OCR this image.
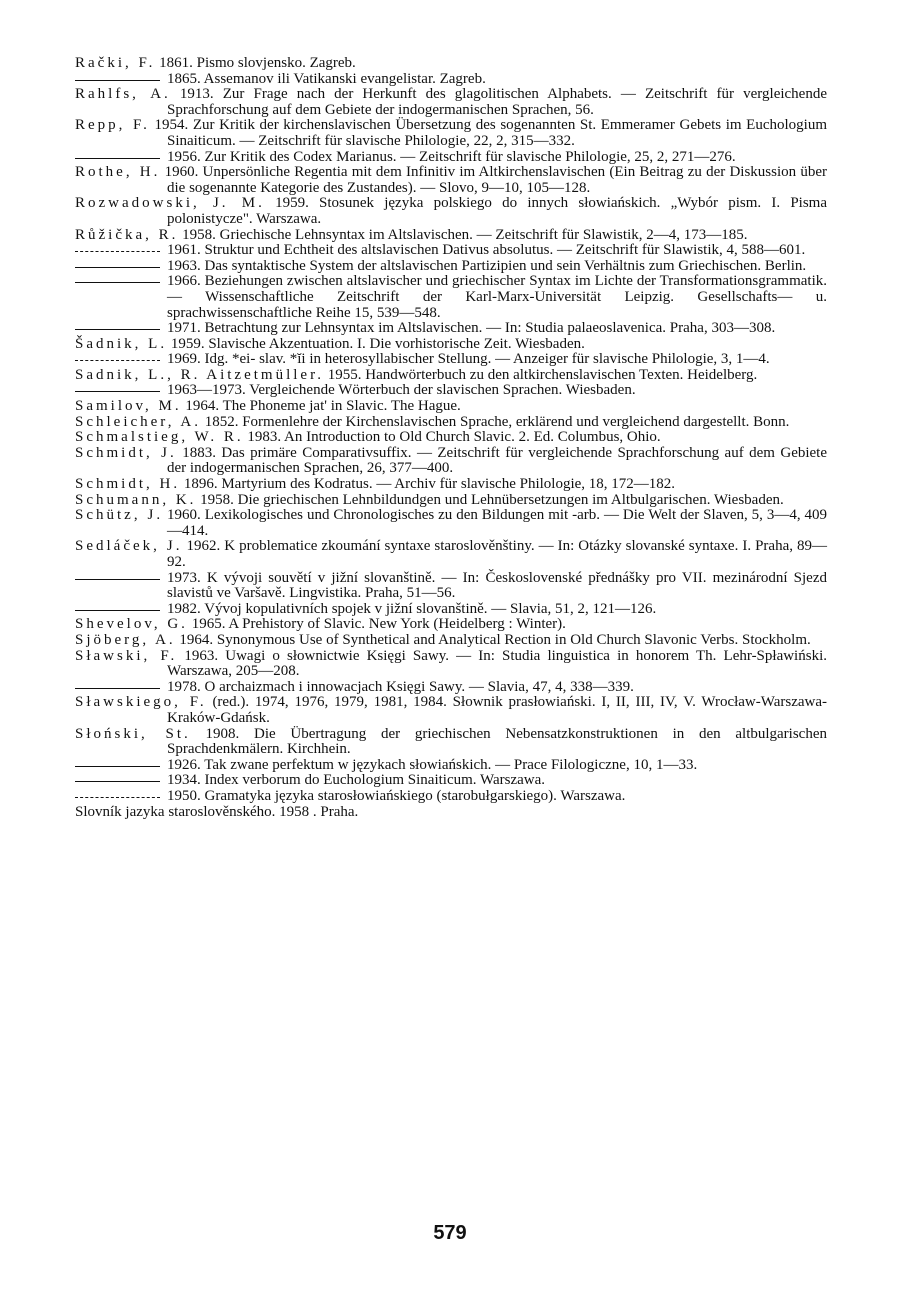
Rački, F. 1861. Pismo slovjensko. Zagreb.
1865. Assemanov ili Vatikanski evangelistar. Zagreb.
Rahlfs, A. 1913. Zur Frage nach der Herkunft des glagolitischen Alphabets. — Zeitschrift für vergleichende Sprachforschung auf dem Gebiete der indogermanischen Sprachen, 56.
Repp, F. 1954. Zur Kritik der kirchenslavischen Übersetzung des sogenannten St. Emmeramer Gebets im Euchologium Sinaiticum. — Zeitschrift für slavische Philologie, 22, 2, 315—332.
1956. Zur Kritik des Codex Marianus. — Zeitschrift für slavische Philologie, 25, 2, 271—276.
Rothe, H. 1960. Unpersönliche Regentia mit dem Infinitiv im Altkirchenslavischen (Ein Beitrag zu der Diskussion über die sogenannte Kategorie des Zustandes). — Slovo, 9—10, 105—128.
Rozwadowski, J. M. 1959. Stosunek języka polskiego do innych słowiańskich. „Wybór pism. I. Pisma polonistycze". Warszawa.
Růžička, R. 1958. Griechische Lehnsyntax im Altslavischen. — Zeitschrift für Slawistik, 2—4, 173—185.
1961. Struktur und Echtheit des altslavischen Dativus absolutus. — Zeitschrift für Slawistik, 4, 588—601.
1963. Das syntaktische System der altslavischen Partizipien und sein Verhältnis zum Griechischen. Berlin.
1966. Beziehungen zwischen altslavischer und griechischer Syntax im Lichte der Transformationsgrammatik. — Wissenschaftliche Zeitschrift der Karl-Marx-Universität Leipzig. Gesellschafts— u. sprachwissenschaftliche Reihe 15, 539—548.
1971. Betrachtung zur Lehnsyntax im Altslavischen. — In: Studia palaeoslavenica. Praha, 303—308.
Šadnik, L. 1959. Slavische Akzentuation. I. Die vorhistorische Zeit. Wiesbaden.
1969. Idg. *ei- slav. *ĭi in heterosyllabischer Stellung. — Anzeiger für slavische Philologie, 3, 1—4.
Sadnik, L., R. Aitzetmüller. 1955. Handwörterbuch zu den altkirchenslavischen Texten. Heidelberg.
1963—1973. Vergleichende Wörterbuch der slavischen Sprachen. Wiesbaden.
Samilov, M. 1964. The Phoneme jat' in Slavic. The Hague.
Schleicher, A. 1852. Formenlehre der Kirchenslavischen Sprache, erklärend und vergleichend dargestellt. Bonn.
Schmalstieg, W. R. 1983. An Introduction to Old Church Slavic. 2. Ed. Columbus, Ohio.
Schmidt, J. 1883. Das primäre Comparativsuffix. — Zeitschrift für vergleichende Sprachforschung auf dem Gebiete der indogermanischen Sprachen, 26, 377—400.
Schmidt, H. 1896. Martyrium des Kodratus. — Archiv für slavische Philologie, 18, 172—182.
Schumann, K. 1958. Die griechischen Lehnbildundgen und Lehnübersetzungen im Altbulgarischen. Wiesbaden.
Schütz, J. 1960. Lexikologisches und Chronologisches zu den Bildungen mit -arb. — Die Welt der Slaven, 5, 3—4, 409—414.
Sedláček, J. 1962. K problematice zkoumání syntaxe staroslověnštiny. — In: Otázky slovanské syntaxe. I. Praha, 89—92.
1973. K vývoji souvětí v jižní slovanštině. — In: Československé přednášky pro VII. mezinárodní Sjezd slavistů ve Varšavě. Lingvistika. Praha, 51—56.
1982. Vývoj kopulativních spojek v jižní slovanštině. — Slavia, 51, 2, 121—126.
Shevelov, G. 1965. A Prehistory of Slavic. New York (Heidelberg : Winter).
Sjöberg, A. 1964. Synonymous Use of Synthetical and Analytical Rection in Old Church Slavonic Verbs. Stockholm.
Sławski, F. 1963. Uwagi o słownictwie Księgi Sawy. — In: Studia linguistica in honorem Th. Lehr-Spławiński. Warszawa, 205—208.
1978. O archaizmach i innowacjach Księgi Sawy. — Slavia, 47, 4, 338—339.
Sławskiego, F. (red.). 1974, 1976, 1979, 1981, 1984. Słownik prasłowiański. I, II, III, IV, V. Wrocław-Warszawa-Kraków-Gdańsk.
Słoński, St. 1908. Die Übertragung der griechischen Nebensatzkonstruktionen in den altbulgarischen Sprachdenkmälern. Kirchhein.
1926. Tak zwane perfektum w językach słowiańskich. — Prace Filologiczne, 10, 1—33.
1934. Index verborum do Euchologium Sinaiticum. Warszawa.
1950. Gramatyka języka starosłowiańskiego (starobułgarskiego). Warszawa.
Slovník jazyka staroslověnského. 1958 . Praha.
579
